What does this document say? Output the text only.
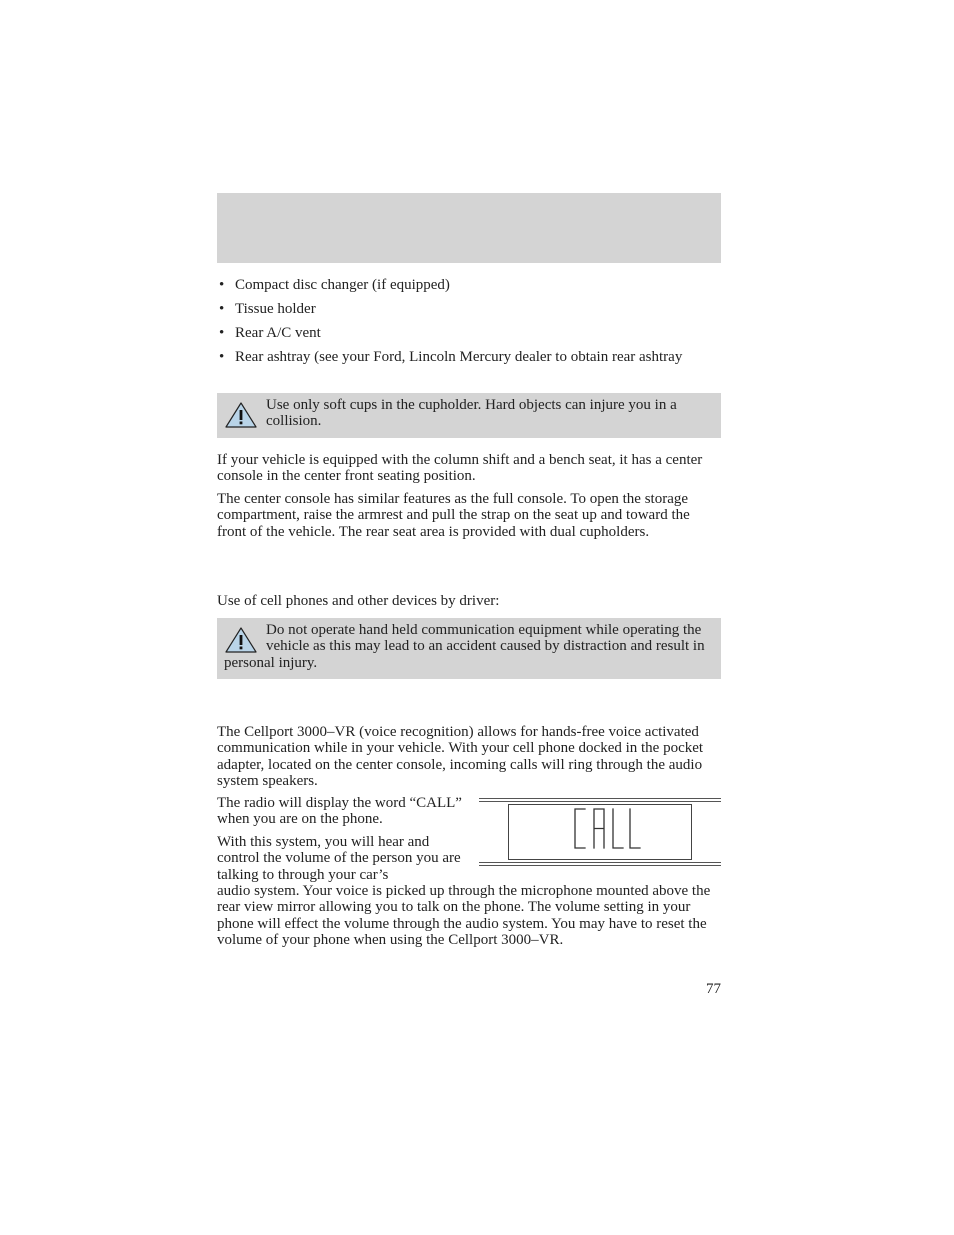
• Compact disc changer (if equipped)
• Tissue holder
• Rear A/C vent
• Rear ashtray (see your Ford, Lincoln Mercury dealer to obtain rear ashtray
Use only soft cups in the cupholder. Hard objects can injure you in a collision.
If your vehicle is equipped with the column shift and a bench seat, it has a center console in the center front seating position.
The center console has similar features as the full console. To open the storage compartment, raise the armrest and pull the strap on the seat up and toward the front of the vehicle. The rear seat area is provided with dual cupholders.
Use of cell phones and other devices by driver:
Do not operate hand held communication equipment while operating the vehicle as this may lead to an accident caused by distraction and result in personal injury.
The Cellport 3000–VR (voice recognition) allows for hands-free voice activated communication while in your vehicle. With your cell phone docked in the pocket adapter, located on the center console, incoming calls will ring through the audio system speakers.
The radio will display the word “CALL” when you are on the phone.
With this system, you will hear and control the volume of the person you are talking to through your car’s
audio system. Your voice is picked up through the microphone mounted above the rear view mirror allowing you to talk on the phone. The volume setting in your phone will effect the volume through the audio system. You may have to reset the volume of your phone when using the Cellport 3000–VR.
CALL
77
